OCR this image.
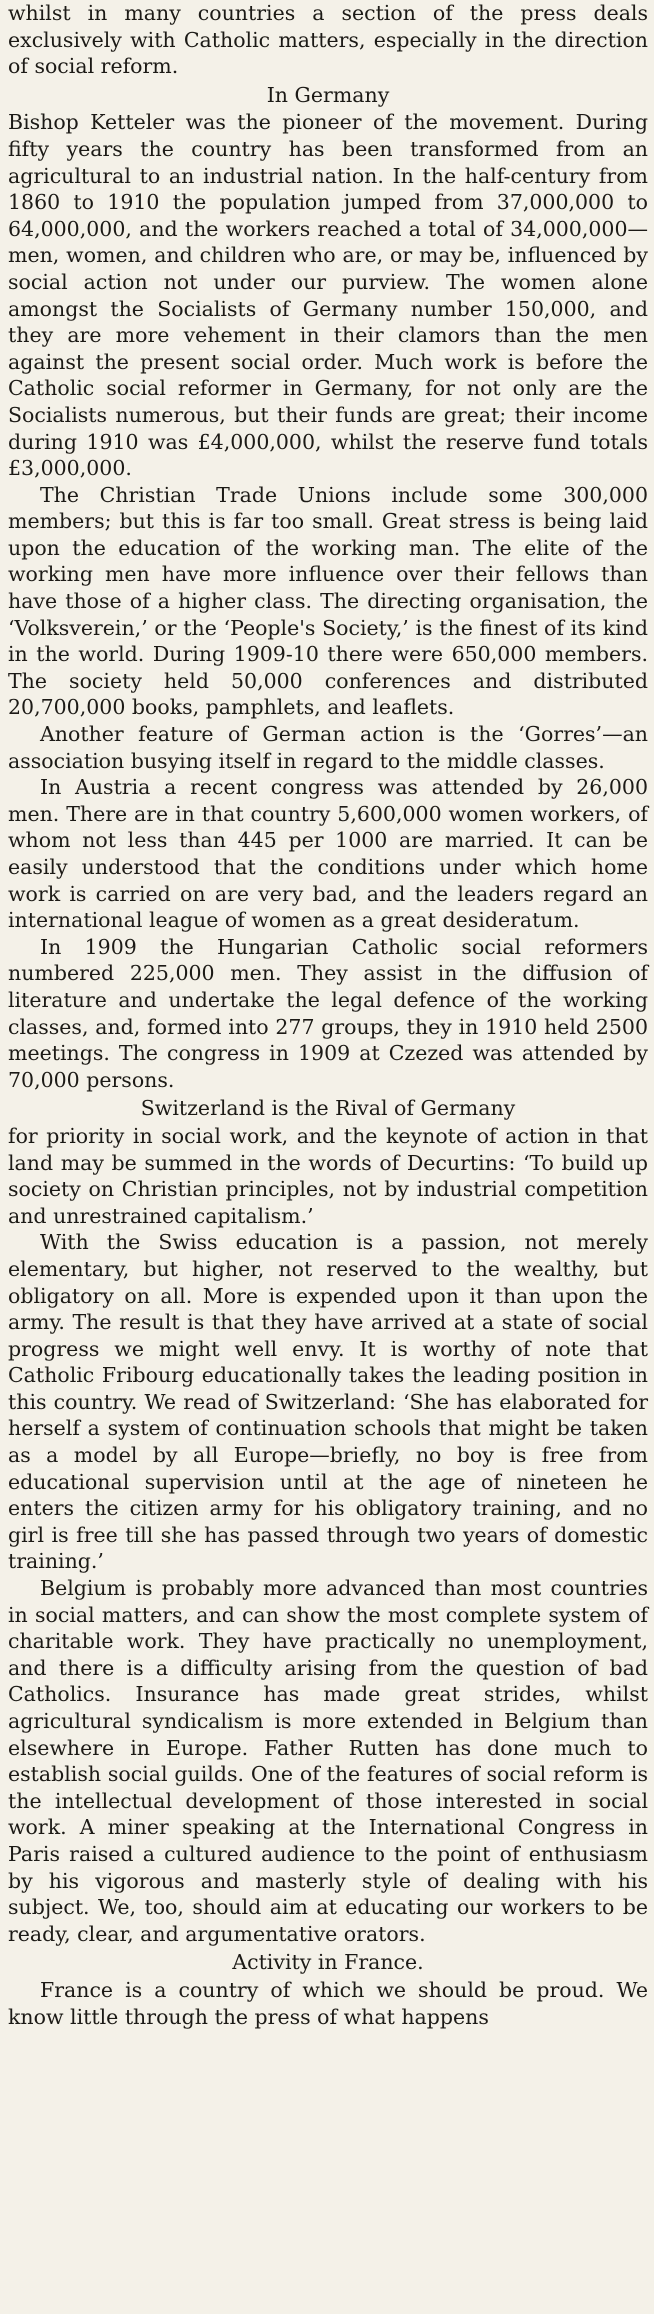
whilst in many countries a section of the press deals exclusively with Catholic matters, especially in the direction of social reform.

In Germany

Bishop Ketteler was the pioneer of the movement. During fifty years the country has been transformed from an agricultural to an industrial nation. In the half-century from 1860 to 1910 the population jumped from 37,000,000 to 64,000,000, and the workers reached a total of 34,000,000—men, women, and children who are, or may be, influenced by social action not under our purview. The women alone amongst the Socialists of Germany number 150,000, and they are more vehement in their clamors than the men against the present social order. Much work is before the Catholic social reformer in Germany, for not only are the Socialists numerous, but their funds are great; their income during 1910 was £4,000,000, whilst the reserve fund totals £3,000,000.

The Christian Trade Unions include some 300,000 members; but this is far too small. Great stress is being laid upon the education of the working man. The elite of the working men have more influence over their fellows than have those of a higher class. The directing organisation, the ‘Volksverein,’ or the ‘People's Society,’ is the finest of its kind in the world. During 1909-10 there were 650,000 members. The society held 50,000 conferences and distributed 20,700,000 books, pamphlets, and leaflets.

Another feature of German action is the ‘Gorres’—an association busying itself in regard to the middle classes.

In Austria a recent congress was attended by 26,000 men. There are in that country 5,600,000 women workers, of whom not less than 445 per 1000 are married. It can be easily understood that the conditions under which home work is carried on are very bad, and the leaders regard an international league of women as a great desideratum.

In 1909 the Hungarian Catholic social reformers numbered 225,000 men. They assist in the diffusion of literature and undertake the legal defence of the working classes, and, formed into 277 groups, they in 1910 held 2500 meetings. The congress in 1909 at Czezed was attended by 70,000 persons.

Switzerland is the Rival of Germany

for priority in social work, and the keynote of action in that land may be summed in the words of Decurtins: ‘To build up society on Christian principles, not by industrial competition and unrestrained capitalism.’

With the Swiss education is a passion, not merely elementary, but higher, not reserved to the wealthy, but obligatory on all. More is expended upon it than upon the army. The result is that they have arrived at a state of social progress we might well envy. It is worthy of note that Catholic Fribourg educationally takes the leading position in this country. We read of Switzerland: ‘She has elaborated for herself a system of continuation schools that might be taken as a model by all Europe—briefly, no boy is free from educational supervision until at the age of nineteen he enters the citizen army for his obligatory training, and no girl is free till she has passed through two years of domestic training.’

Belgium is probably more advanced than most countries in social matters, and can show the most complete system of charitable work. They have practically no unemployment, and there is a difficulty arising from the question of bad Catholics. Insurance has made great strides, whilst agricultural syndicalism is more extended in Belgium than elsewhere in Europe. Father Rutten has done much to establish social guilds. One of the features of social reform is the intellectual development of those interested in social work. A miner speaking at the International Congress in Paris raised a cultured audience to the point of enthusiasm by his vigorous and masterly style of dealing with his subject. We, too, should aim at educating our workers to be ready, clear, and argumentative orators.

Activity in France.

France is a country of which we should be proud. We know little through the press of what happens
